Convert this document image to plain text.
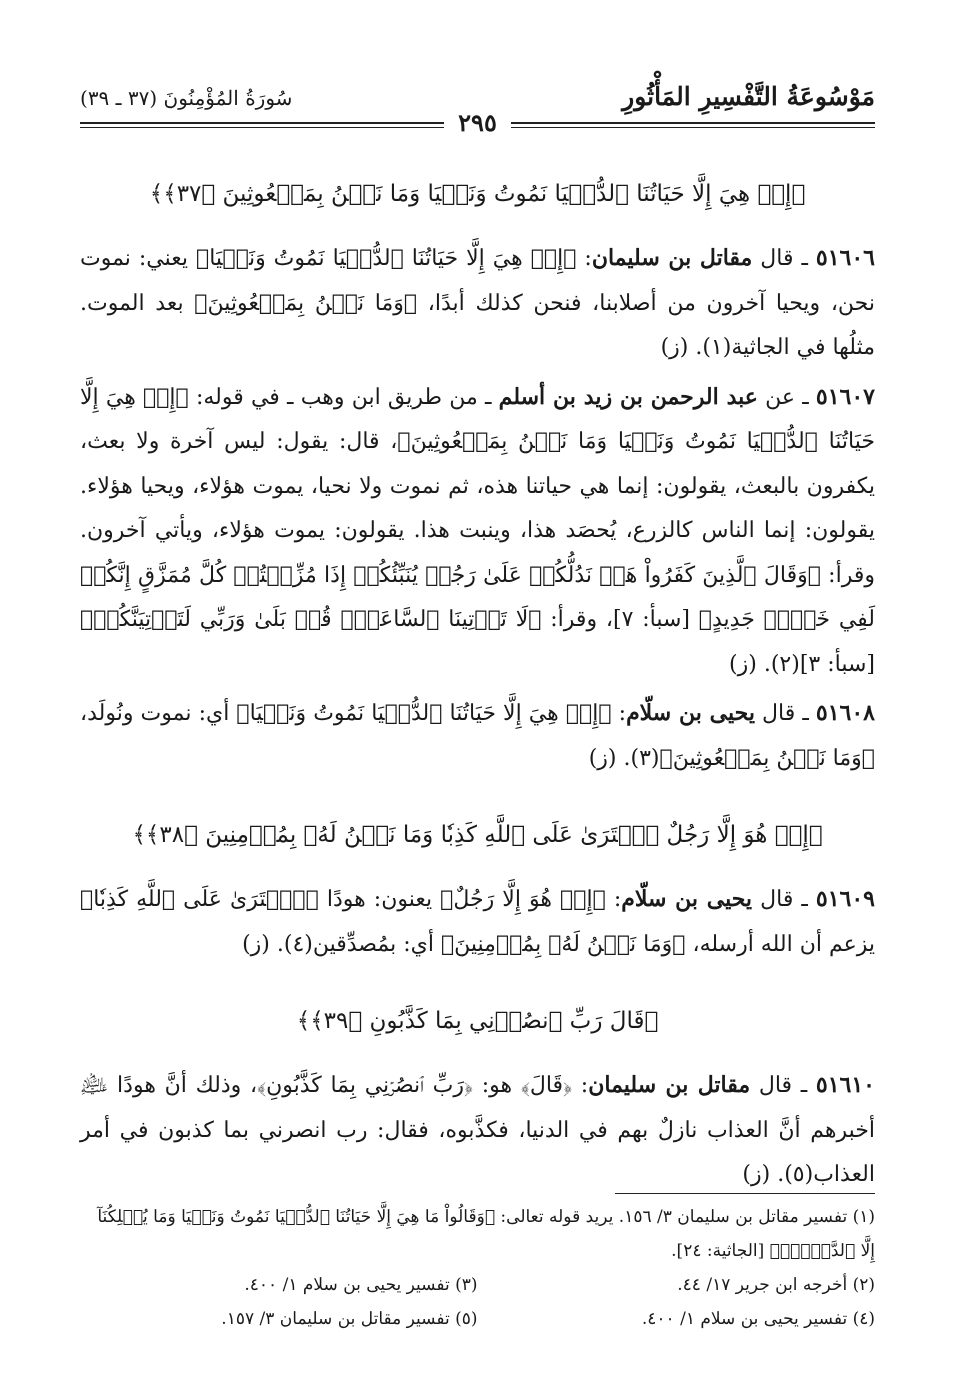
مَوْسُوعَةُ التَّفْسِيرِ المَأْثُورِ
سُورَةُ المُؤْمِنُونَ (٣٧ ـ ٣٩)
٢٩٥

﴿إِنۡ هِيَ إِلَّا حَيَاتُنَا ٱلدُّنۡيَا نَمُوتُ وَنَحۡيَا وَمَا نَحۡنُ بِمَبۡعُوثِينَ ﴿٣٧﴾﴾

٥١٦٠٦ ـ قال مقاتل بن سليمان: ﴿إِنۡ هِيَ إِلَّا حَيَاتُنَا ٱلدُّنۡيَا نَمُوتُ وَنَحۡيَا﴾ يعني: نموت نحن، ويحيا آخرون من أصلابنا، فنحن كذلك أبدًا، ﴿وَمَا نَحۡنُ بِمَبۡعُوثِينَ﴾ بعد الموت. مثلُها في الجاثية(١). (ز)

٥١٦٠٧ ـ عن عبد الرحمن بن زيد بن أسلم ـ من طريق ابن وهب ـ في قوله: ﴿إِنۡ هِيَ إِلَّا حَيَاتُنَا ٱلدُّنۡيَا نَمُوتُ وَنَحۡيَا وَمَا نَحۡنُ بِمَبۡعُوثِينَ﴾، قال: يقول: ليس آخرة ولا بعث، يكفرون بالبعث، يقولون: إنما هي حياتنا هذه، ثم نموت ولا نحيا، يموت هؤلاء، ويحيا هؤلاء. يقولون: إنما الناس كالزرع، يُحصَد هذا، وينبت هذا. يقولون: يموت هؤلاء، ويأتي آخرون. وقرأ: ﴿وَقَالَ ٱلَّذِينَ كَفَرُواْ هَلۡ نَدُلُّكُمۡ عَلَىٰ رَجُلٖ يُنَبِّئُكُمۡ إِذَا مُزِّقۡتُمۡ كُلَّ مُمَزَّقٍ إِنَّكُمۡ لَفِي خَلۡقٖ جَدِيدٍ﴾ [سبأ: ٧]، وقرأ: ﴿لَا تَأۡتِينَا ٱلسَّاعَةُۖ قُلۡ بَلَىٰ وَرَبِّي لَتَأۡتِيَنَّكُمۡ﴾ [سبأ: ٣](٢). (ز)

٥١٦٠٨ ـ قال يحيى بن سلّام: ﴿إِنۡ هِيَ إِلَّا حَيَاتُنَا ٱلدُّنۡيَا نَمُوتُ وَنَحۡيَا﴾ أي: نموت ونُولَد، ﴿وَمَا نَحۡنُ بِمَبۡعُوثِينَ﴾(٣). (ز)

﴿إِنۡ هُوَ إِلَّا رَجُلٌ ٱفۡتَرَىٰ عَلَى ٱللَّهِ كَذِبٗا وَمَا نَحۡنُ لَهُۥ بِمُؤۡمِنِينَ ﴿٣٨﴾﴾

٥١٦٠٩ ـ قال يحيى بن سلّام: ﴿إِنۡ هُوَ إِلَّا رَجُلٌ﴾ يعنون: هودًا ﴿ٱفۡتَرَىٰ عَلَى ٱللَّهِ كَذِبٗا﴾ يزعم أن الله أرسله، ﴿وَمَا نَحۡنُ لَهُۥ بِمُؤۡمِنِينَ﴾ أي: بمُصدِّقين(٤). (ز)

﴿قَالَ رَبِّ ٱنصُرۡنِي بِمَا كَذَّبُونِ ﴿٣٩﴾﴾

٥١٦١٠ ـ قال مقاتل بن سليمان: ﴿قَالَ﴾ هو: ﴿رَبِّ ٱنصُرۡنِي بِمَا كَذَّبُونِ﴾، وذلك أنَّ هودًا ﵇ أخبرهم أنَّ العذاب نازلٌ بهم في الدنيا، فكذَّبوه، فقال: رب انصرني بما كذبون في أمر العذاب(٥). (ز)

(١) تفسير مقاتل بن سليمان ٣/ ١٥٦. يريد قوله تعالى: ﴿وَقَالُواْ مَا هِيَ إِلَّا حَيَاتُنَا ٱلدُّنۡيَا نَمُوتُ وَنَحۡيَا وَمَا يُهۡلِكُنَآ إِلَّا ٱلدَّهۡرُۚ﴾ [الجاثية: ٢٤].
(٢) أخرجه ابن جرير ١٧/ ٤٤.
(٣) تفسير يحيى بن سلام ١/ ٤٠٠.
(٤) تفسير يحيى بن سلام ١/ ٤٠٠.
(٥) تفسير مقاتل بن سليمان ٣/ ١٥٧.
